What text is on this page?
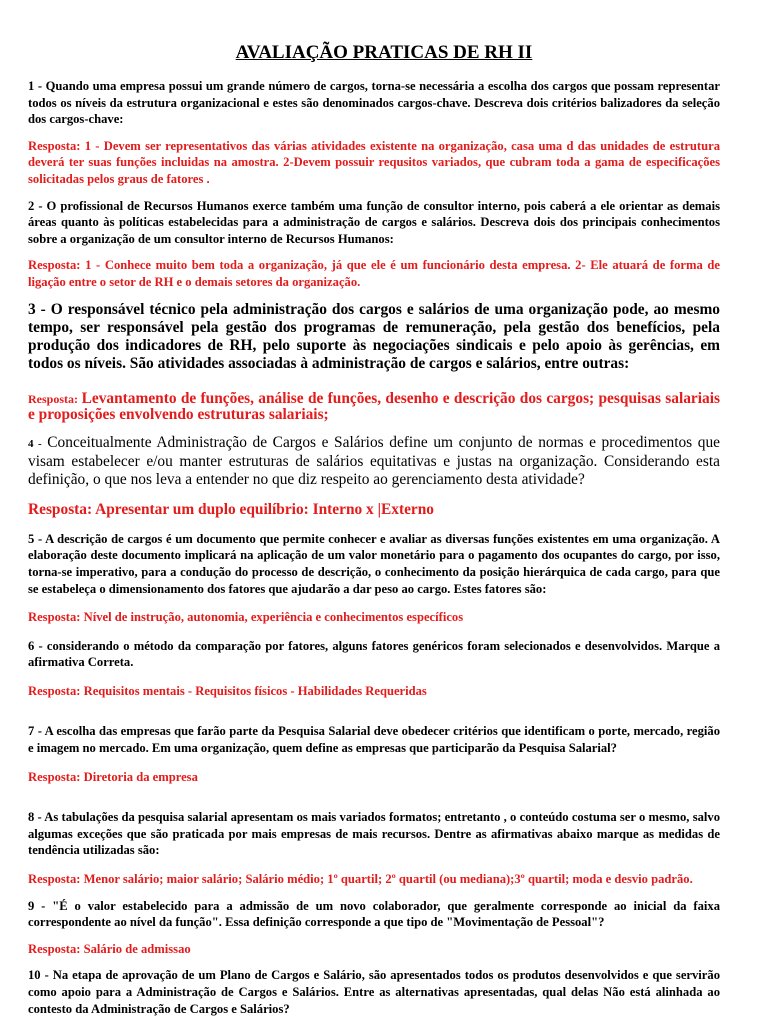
AVALIAÇÃO PRATICAS DE RH II

1 - Quando uma empresa possui um grande número de cargos, torna-se necessária a escolha dos cargos que possam representar todos os níveis da estrutura organizacional e estes são denominados cargos-chave. Descreva dois critérios balizadores da seleção dos cargos-chave:

Resposta: 1 - Devem ser representativos das várias atividades existente na organização, casa uma d das unidades de estrutura deverá ter suas funções incluidas na amostra. 2-Devem possuir requsitos variados, que cubram toda a gama de especificações solicitadas pelos graus de fatores .

2 - O profissional de Recursos Humanos exerce também uma função de consultor interno, pois caberá a ele orientar as demais áreas quanto às políticas estabelecidas para a administração de cargos e salários. Descreva dois dos principais conhecimentos sobre a organização de um consultor interno de Recursos Humanos:

Resposta: 1 - Conhece muito bem toda a organização, já que ele é um funcionário desta empresa. 2- Ele atuará de forma de ligação entre o setor de RH e o demais setores da organização.

3 - O responsável técnico pela administração dos cargos e salários de uma organização pode, ao mesmo tempo, ser responsável pela gestão dos programas de remuneração, pela gestão dos benefícios, pela produção dos indicadores de RH, pelo suporte às negociações sindicais e pelo apoio às gerências, em todos os níveis. São atividades associadas à administração de cargos e salários, entre outras:

Resposta: Levantamento de funções, análise de funções, desenho e descrição dos cargos; pesquisas salariais e proposições envolvendo estruturas salariais;

4 - Conceitualmente Administração de Cargos e Salários define um conjunto de normas e procedimentos que visam estabelecer e/ou manter estruturas de salários equitativas e justas na organização. Considerando esta definição, o que nos leva a entender no que diz respeito ao gerenciamento desta atividade?

Resposta: Apresentar um duplo equilíbrio: Interno x |Externo

5 - A descrição de cargos é um documento que permite conhecer e avaliar as diversas funções existentes em uma organização. A elaboração deste documento implicará na aplicação de um valor monetário para o pagamento dos ocupantes do cargo, por isso, torna-se imperativo, para a condução do processo de descrição, o conhecimento da posição hierárquica de cada cargo, para que se estabeleça o dimensionamento dos fatores que ajudarão a dar peso ao cargo. Estes fatores são:

Resposta: Nível de instrução, autonomia, experiência e conhecimentos específicos

6 - considerando o método da comparação por fatores, alguns fatores genéricos foram selecionados e desenvolvidos. Marque a afirmativa Correta.

Resposta: Requisitos mentais - Requisitos físicos - Habilidades Requeridas

7 - A escolha das empresas que farão parte da Pesquisa Salarial deve obedecer critérios que identificam o porte, mercado, região e imagem no mercado. Em uma organização, quem define as empresas que participarão da Pesquisa Salarial?

Resposta: Diretoria da empresa

8 - As tabulações da pesquisa salarial apresentam os mais variados formatos; entretanto , o conteúdo costuma ser o mesmo, salvo algumas exceções que são praticada por mais empresas de mais recursos. Dentre as afirmativas abaixo marque as medidas de tendência utilizadas são:

Resposta: Menor salário; maior salário; Salário médio; 1º quartil; 2º quartil (ou mediana);3º quartil; moda e desvio padrão.

9 - "É o valor estabelecido para a admissão de um novo colaborador, que geralmente corresponde ao inicial da faixa correspondente ao nível da função". Essa definição corresponde a que tipo de "Movimentação de Pessoal"?

Resposta: Salário de admissao

10 - Na etapa de aprovação de um Plano de Cargos e Salário, são apresentados todos os produtos desenvolvidos e que servirão como apoio para a Administração de Cargos e Salários. Entre as alternativas apresentadas, qual delas Não está alinhada ao contesto da Administração de Cargos e Salários?
